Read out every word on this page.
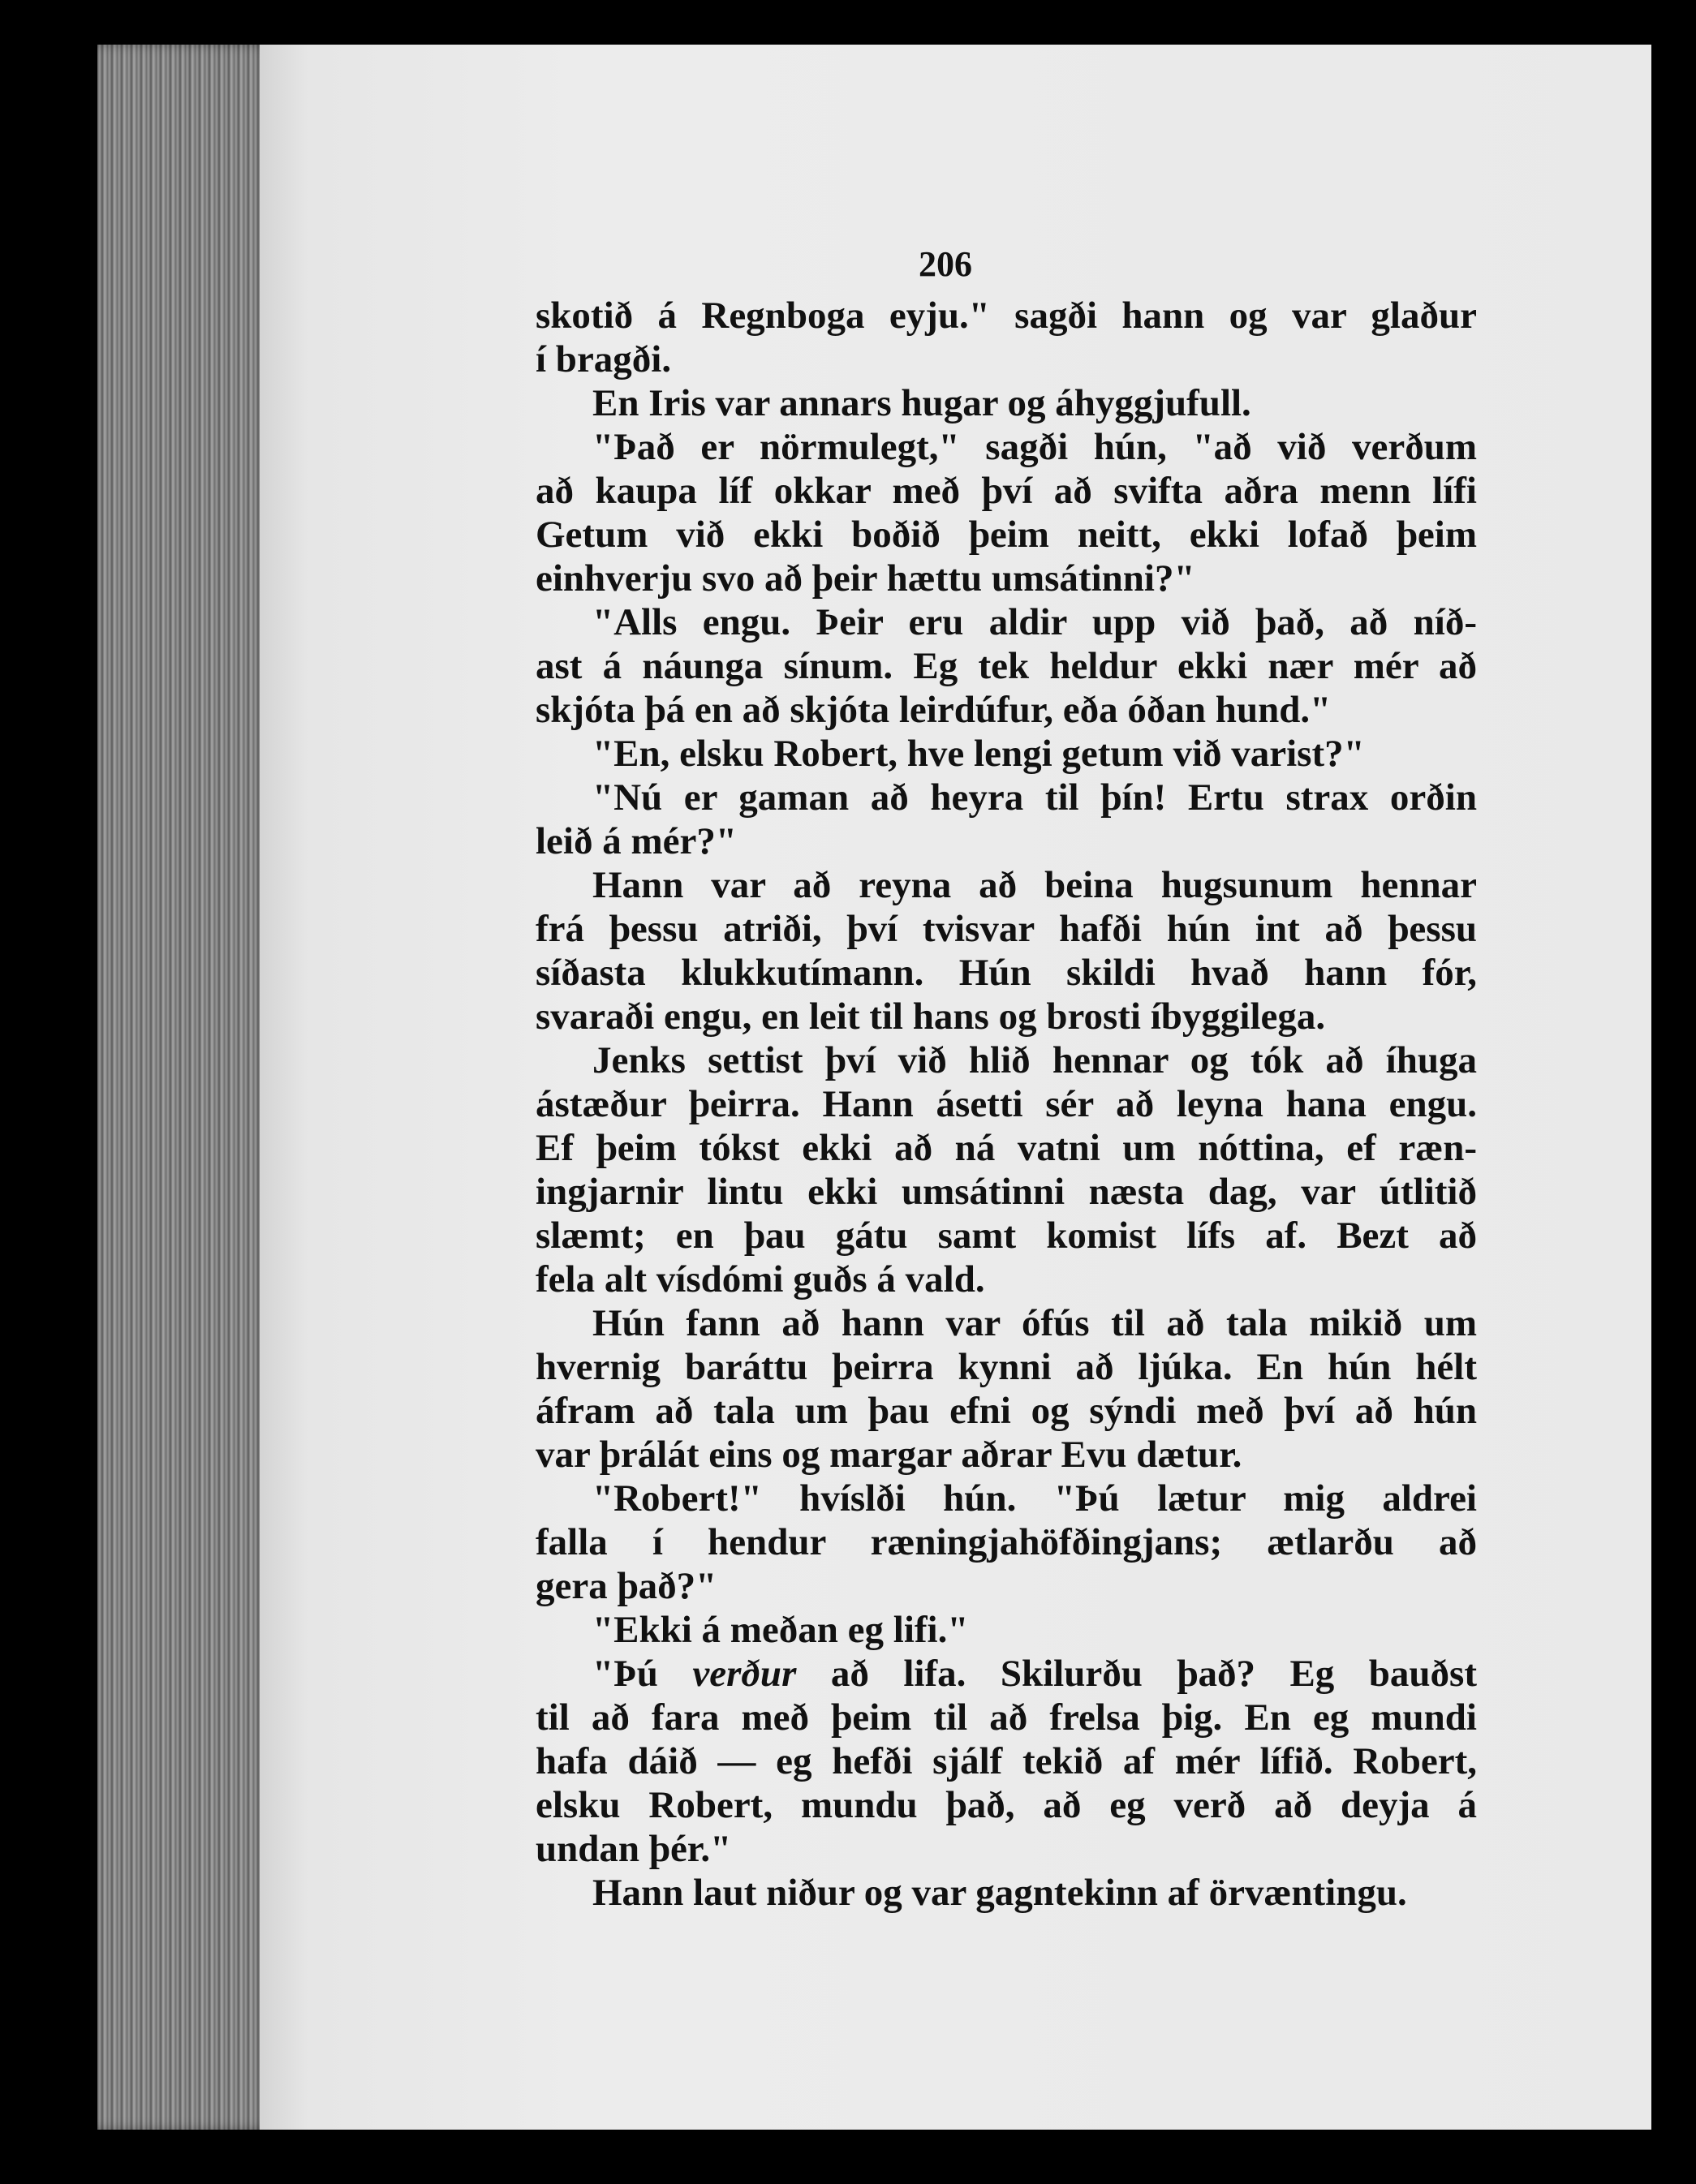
206
skotið á Regnboga eyju." sagði hann og var glaður
í bragði.
En Iris var annars hugar og áhyggjufull.
"Það er nörmulegt," sagði hún, "að við verðum
að kaupa líf okkar með því að svifta aðra menn lífi
Getum við ekki boðið þeim neitt, ekki lofað þeim
einhverju svo að þeir hættu umsátinni?"
"Alls engu. Þeir eru aldir upp við það, að níð-
ast á náunga sínum. Eg tek heldur ekki nær mér að
skjóta þá en að skjóta leirdúfur, eða óðan hund."
"En, elsku Robert, hve lengi getum við varist?"
"Nú er gaman að heyra til þín! Ertu strax orðin
leið á mér?"
Hann var að reyna að beina hugsunum hennar
frá þessu atriði, því tvisvar hafði hún int að þessu
síðasta klukkutímann. Hún skildi hvað hann fór,
svaraði engu, en leit til hans og brosti íbyggilega.
Jenks settist því við hlið hennar og tók að íhuga
ástæður þeirra. Hann ásetti sér að leyna hana engu.
Ef þeim tókst ekki að ná vatni um nóttina, ef ræn-
ingjarnir lintu ekki umsátinni næsta dag, var útlitið
slæmt; en þau gátu samt komist lífs af. Bezt að
fela alt vísdómi guðs á vald.
Hún fann að hann var ófús til að tala mikið um
hvernig baráttu þeirra kynni að ljúka. En hún hélt
áfram að tala um þau efni og sýndi með því að hún
var þrálát eins og margar aðrar Evu dætur.
"Robert!" hvíslði hún. "Þú lætur mig aldrei
falla í hendur ræningjahöfðingjans; ætlarðu að
gera það?"
"Ekki á meðan eg lifi."
"Þú verður að lifa. Skilurðu það? Eg bauðst
til að fara með þeim til að frelsa þig. En eg mundi
hafa dáið — eg hefði sjálf tekið af mér lífið. Robert,
elsku Robert, mundu það, að eg verð að deyja á
undan þér."
Hann laut niður og var gagntekinn af örvæntingu.
